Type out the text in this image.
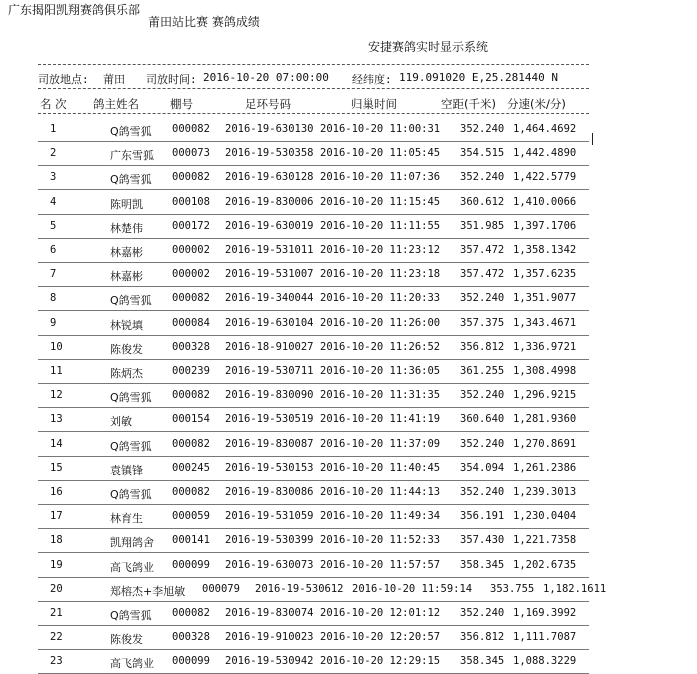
广东揭阳凯翔赛鸽俱乐部
莆田站比赛 赛鸽成绩
安捷赛鸽实时显示系统
司放地点: 莆田 司放时间: 2016-10-20 07:00:00 经纬度: 119.091020 E,25.281440 N
名 次 鸽主姓名	棚号	足环号码	归巢时间	空距(千米) 分速(米/分)
1	Q鸽雪狐 000082 2016-19-630130 2016-10-20 11:00:31 352.240 1,464.4692
2	广东雪狐 000073 2016-19-530358 2016-10-20 11:05:45 354.515 1,442.4890
3	Q鸽雪狐 000082 2016-19-630128 2016-10-20 11:07:36 352.240 1,422.5779
4	陈明凯	000108 2016-19-830006 2016-10-20 11:15:45 360.612 1,410.0066
5	林楚伟	000172 2016-19-630019 2016-10-20 11:11:55 351.985 1,397.1706
6	林嘉彬	000002 2016-19-531011 2016-10-20 11:23:12 357.472 1,358.1342
7	林嘉彬	000002 2016-19-531007 2016-10-20 11:23:18 357.472 1,357.6235
8	Q鸽雪狐 000082 2016-19-340044 2016-10-20 11:20:33 352.240 1,351.9077
9	林锐填	000084 2016-19-630104 2016-10-20 11:26:00 357.375 1,343.4671
10	陈俊发	000328 2016-18-910027 2016-10-20 11:26:52 356.812 1,336.9721
11	陈炳杰	000239 2016-19-530711 2016-10-20 11:36:05 361.255 1,308.4998
12	Q鸽雪狐 000082 2016-19-830090 2016-10-20 11:31:35 352.240 1,296.9215
13	刘敏	000154 2016-19-530519 2016-10-20 11:41:19 360.640 1,281.9360
14	Q鸽雪狐 000082 2016-19-830087 2016-10-20 11:37:09 352.240 1,270.8691
15	袁镇锋	000245 2016-19-530153 2016-10-20 11:40:45 354.094 1,261.2386
16	Q鸽雪狐 000082 2016-19-830086 2016-10-20 11:44:13 352.240 1,239.3013
17	林育生	000059 2016-19-531059 2016-10-20 11:49:34 356.191 1,230.0404
18	凯翔鸽舍 000141 2016-19-530399 2016-10-20 11:52:33 357.430 1,221.7358
19	高飞鸽业 000099 2016-19-630073 2016-10-20 11:57:57 358.345 1,202.6735
20	郑榕杰+李旭敏 000079 2016-19-530612 2016-10-20 11:59:14 353.755 1,182.1611
21	Q鸽雪狐 000082 2016-19-830074 2016-10-20 12:01:12 352.240 1,169.3992
22	陈俊发	000328 2016-19-910023 2016-10-20 12:20:57 356.812 1,111.7087
23	高飞鸽业 000099 2016-19-530942 2016-10-20 12:29:15 358.345 1,088.3229
